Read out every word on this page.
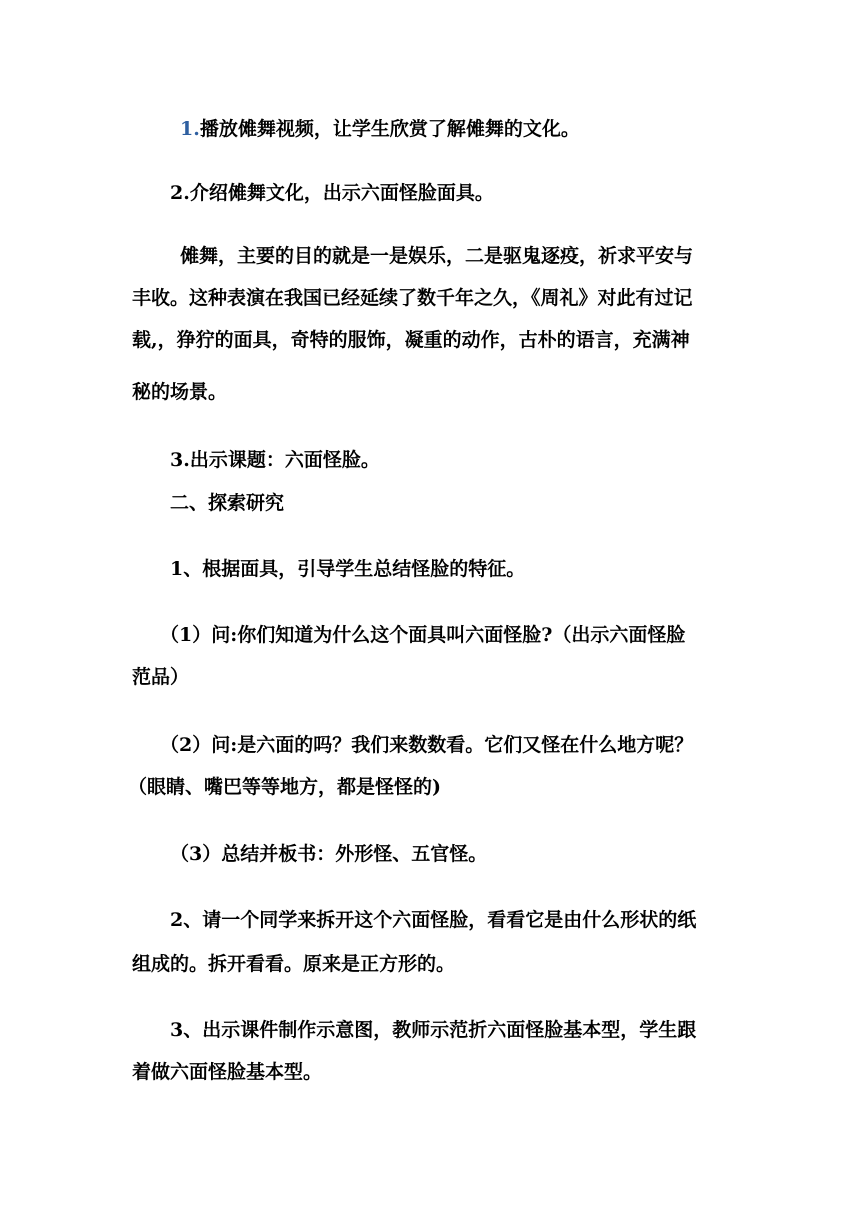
1.播放傩舞视频，让学生欣赏了解傩舞的文化。
2.介绍傩舞文化，出示六面怪脸面具。
傩舞，主要的目的就是一是娱乐，二是驱鬼逐疫，祈求平安与
丰收。这种表演在我国已经延续了数千年之久，《周礼》对此有过记
载,，狰狞的面具，奇特的服饰，凝重的动作，古朴的语言，充满神
秘的场景。
3.出示课题：六面怪脸。
二、探索研究
1、根据面具，引导学生总结怪脸的特征。
（1）问:你们知道为什么这个面具叫六面怪脸?（出示六面怪脸
范品）
（2）问:是六面的吗？我们来数数看。它们又怪在什么地方呢？
（眼睛、嘴巴等等地方，都是怪怪的)
（3）总结并板书：外形怪、五官怪。
2、请一个同学来拆开这个六面怪脸，看看它是由什么形状的纸
组成的。拆开看看。原来是正方形的。
3、出示课件制作示意图，教师示范折六面怪脸基本型，学生跟
着做六面怪脸基本型。
